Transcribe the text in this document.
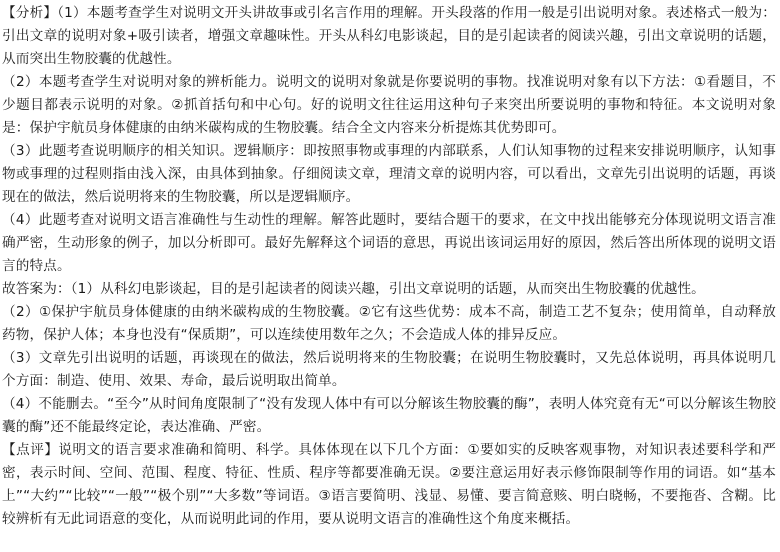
【分析】（1）本题考查学生对说明文开头讲故事或引名言作用的理解。开头段落的作用一般是引出说明对象。表述格式一般为：引出文章的说明对象+吸引读者，增强文章趣味性。开头从科幻电影谈起，目的是引起读者的阅读兴趣，引出文章说明的话题，从而突出生物胶囊的优越性。

（2）本题考查学生对说明对象的辨析能力。说明文的说明对象就是你要说明的事物。找准说明对象有以下方法：①看题目，不少题目都表示说明的对象。②抓首括句和中心句。好的说明文往往运用这种句子来突出所要说明的事物和特征。本文说明对象是：保护宇航员身体健康的由纳米碳构成的生物胶囊。结合全文内容来分析提炼其优势即可。

（3）此题考查说明顺序的相关知识。逻辑顺序：即按照事物或事理的内部联系，人们认知事物的过程来安排说明顺序，认知事物或事理的过程则指由浅入深，由具体到抽象。仔细阅读文章，理清文章的说明内容，可以看出，文章先引出说明的话题，再谈现在的做法，然后说明将来的生物胶囊，所以是逻辑顺序。

（4）此题考查对说明文语言准确性与生动性的理解。解答此题时，要结合题干的要求，在文中找出能够充分体现说明文语言准确严密，生动形象的例子，加以分析即可。最好先解释这个词语的意思，再说出该词运用好的原因，然后答出所体现的说明文语言的特点。

故答案为：（1）从科幻电影谈起，目的是引起读者的阅读兴趣，引出文章说明的话题，从而突出生物胶囊的优越性。

（2）①保护宇航员身体健康的由纳米碳构成的生物胶囊。②它有这些优势：成本不高，制造工艺不复杂；使用简单，自动释放药物，保护人体；本身也没有“保质期”，可以连续使用数年之久；不会造成人体的排异反应。

（3）文章先引出说明的话题，再谈现在的做法，然后说明将来的生物胶囊；在说明生物胶囊时，又先总体说明，再具体说明几个方面：制造、使用、效果、寿命，最后说明取出简单。

（4）不能删去。“至今”从时间角度限制了“没有发现人体中有可以分解该生物胶囊的酶”，表明人体究竟有无“可以分解该生物胶囊的酶”还不能最终定论，表达准确、严密。

【点评】说明文的语言要求准确和简明、科学。具体体现在以下几个方面：①要如实的反映客观事物，对知识表述要科学和严密，表示时间、空间、范围、程度、特征、性质、程序等都要准确无误。②要注意运用好表示修饰限制等作用的词语。如“基本上”“大约”“比较”“一般”“极个别”“大多数”等词语。③语言要简明、浅显、易懂、要言简意赅、明白晓畅，不要拖沓、含糊。比较辨析有无此词语意的变化，从而说明此词的作用，要从说明文语言的准确性这个角度来概括。
